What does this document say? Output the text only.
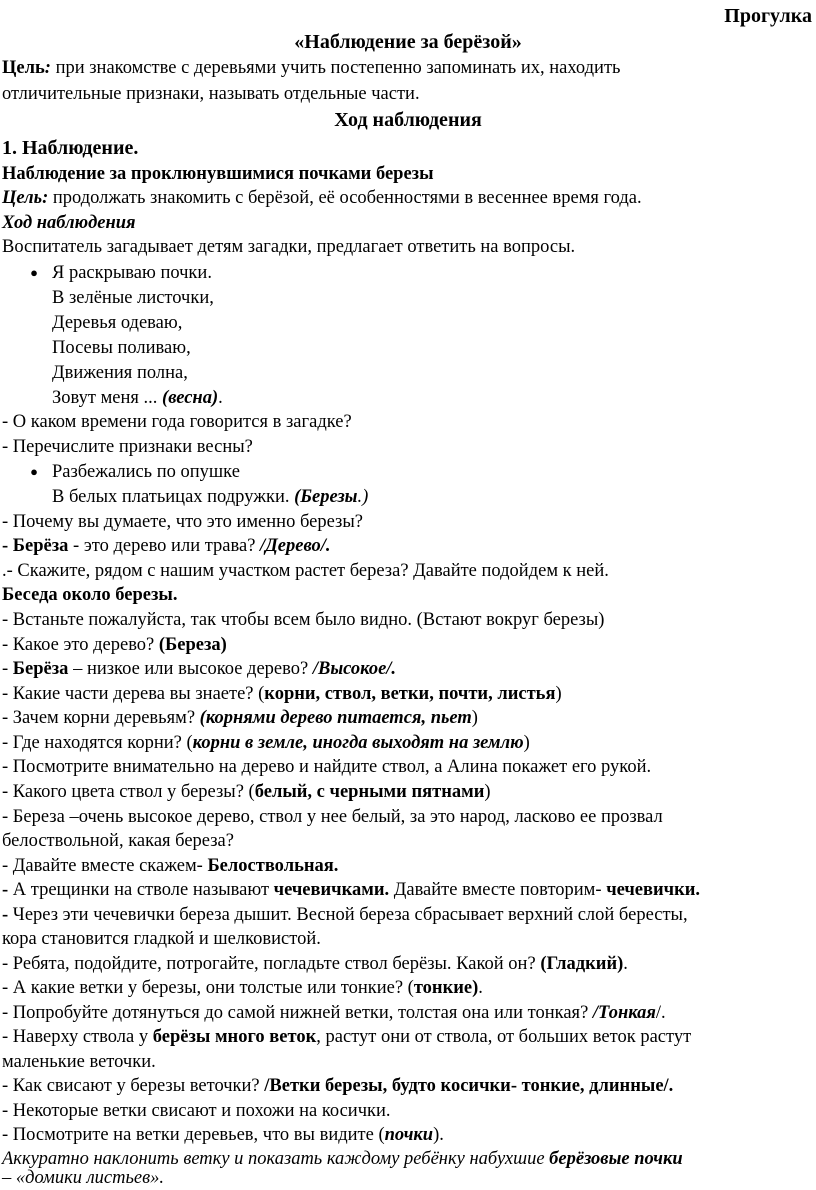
Прогулка
«Наблюдение за берёзой»
Цель: при знакомстве с деревьями учить постепенно запоминать их, находить
отличительные признаки, называть отдельные части.
Ход наблюдения
1. Наблюдение.
Наблюдение за проклюнувшимися почками березы
Цель: продолжать знакомить с берёзой, её особенностями в весеннее время года.
Ход наблюдения
Воспитатель загадывает детям загадки, предлагает ответить на вопросы.
● Я раскрываю почки.
В зелёные листочки,
Деревья одеваю,
Посевы поливаю,
Движения полна,
Зовут меня ... (весна).
- О каком времени года говорится в загадке?
- Перечислите признаки весны?
● Разбежались по опушке
В белых платьицах подружки. (Березы.)
- Почему вы думаете, что это именно березы?
- Берёза - это дерево или трава? /Дерево/.
.- Скажите, рядом с нашим участком растет береза? Давайте подойдем к ней.
Беседа около березы.
- Встаньте пожалуйста, так чтобы всем было видно. (Встают вокруг березы)
- Какое это дерево? (Береза)
- Берёза – низкое или высокое дерево? /Высокое/.
- Какие части дерева вы знаете? (корни, ствол, ветки, почти, листья)
- Зачем корни деревьям? (корнями дерево питается, пьет)
- Где находятся корни? (корни в земле, иногда выходят на землю)
- Посмотрите внимательно на дерево и найдите ствол, а Алина покажет его рукой.
- Какого цвета ствол у березы? (белый, с черными пятнами)
- Береза –очень высокое дерево, ствол у нее белый, за это народ, ласково ее прозвал
белоствольной, какая береза?
- Давайте вместе скажем- Белоствольная.
- А трещинки на стволе называют чечевичками. Давайте вместе повторим- чечевички.
- Через эти чечевички береза дышит. Весной береза сбрасывает верхний слой бересты,
кора становится гладкой и шелковистой.
- Ребята, подойдите, потрогайте, погладьте ствол берёзы. Какой он? (Гладкий).
- А какие ветки у березы, они толстые или тонкие? (тонкие).
- Попробуйте дотянуться до самой нижней ветки, толстая она или тонкая? /Тонкая/.
- Наверху ствола у берёзы много веток, растут они от ствола, от больших веток растут
маленькие веточки.
- Как свисают у березы веточки? /Ветки березы, будто косички- тонкие, длинные/.
- Некоторые ветки свисают и похожи на косички.
- Посмотрите на ветки деревьев, что вы видите (почки).
Аккуратно наклонить ветку и показать каждому ребёнку набухшие берёзовые почки
– «домики листьев».
